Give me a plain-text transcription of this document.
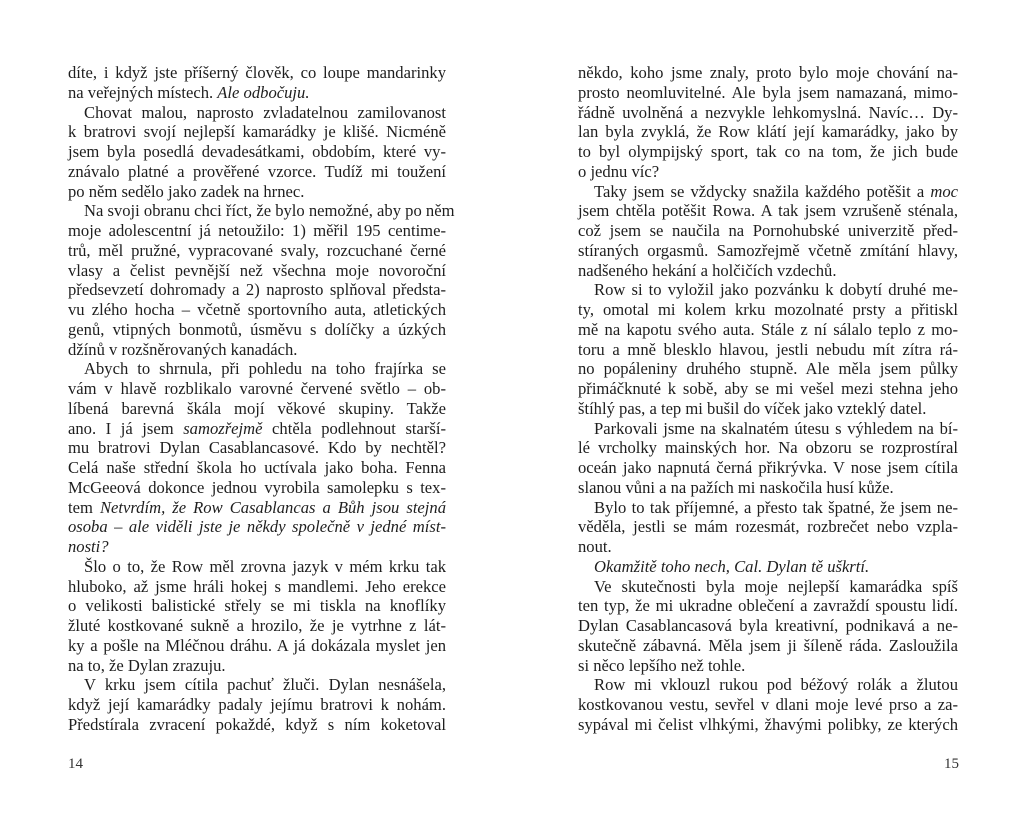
díte, i když jste příšerný člověk, co loupe mandarinky
na veřejných místech. Ale odbočuju.
Chovat malou, naprosto zvladatelnou zamilovanost
k bratrovi svojí nejlepší kamarádky je klišé. Nicméně
jsem byla posedlá devadesátkami, obdobím, které vy-
znávalo platné a prověřené vzorce. Tudíž mi toužení
po něm sedělo jako zadek na hrnec.
Na svoji obranu chci říct, že bylo nemožné, aby po něm
moje adolescentní já netoužilo: 1) měřil 195 centime-
trů, měl pružné, vypracované svaly, rozcuchané černé
vlasy a čelist pevnější než všechna moje novoroční
předsevzetí dohromady a 2) naprosto splňoval předsta-
vu zlého hocha – včetně sportovního auta, atletických
genů, vtipných bonmotů, úsměvu s dolíčky a úzkých
džínů v rozšněrovaných kanadách.
Abych to shrnula, při pohledu na toho frajírka se
vám v hlavě rozblikalo varovné červené světlo – ob-
líbená barevná škála mojí věkové skupiny. Takže
ano. I já jsem samozřejmě chtěla podlehnout starší-
mu bratrovi Dylan Casablancasové. Kdo by nechtěl?
Celá naše střední škola ho uctívala jako boha. Fenna
McGeeová dokonce jednou vyrobila samolepku s tex-
tem Netvrdím, že Row Casablancas a Bůh jsou stejná
osoba – ale viděli jste je někdy společně v jedné míst-
nosti?
Šlo o to, že Row měl zrovna jazyk v mém krku tak
hluboko, až jsme hráli hokej s mandlemi. Jeho erekce
o velikosti balistické střely se mi tiskla na knoflíky
žluté kostkované sukně a hrozilo, že je vytrhne z lát-
ky a pošle na Mléčnou dráhu. A já dokázala myslet jen
na to, že Dylan zrazuju.
V krku jsem cítila pachuť žluči. Dylan nesnášela,
když její kamarádky padaly jejímu bratrovi k nohám.
Předstírala zvracení pokaždé, když s ním koketoval
někdo, koho jsme znaly, proto bylo moje chování na-
prosto neomluvitelné. Ale byla jsem namazaná, mimo-
řádně uvolněná a nezvykle lehkomyslná. Navíc… Dy-
lan byla zvyklá, že Row klátí její kamarádky, jako by
to byl olympijský sport, tak co na tom, že jich bude
o jednu víc?
Taky jsem se vždycky snažila každého potěšit a moc
jsem chtěla potěšit Rowa. A tak jsem vzrušeně sténala,
což jsem se naučila na Pornohubské univerzitě před-
stíraných orgasmů. Samozřejmě včetně zmítání hlavy,
nadšeného hekání a holčičích vzdechů.
Row si to vyložil jako pozvánku k dobytí druhé me-
ty, omotal mi kolem krku mozolnaté prsty a přitiskl
mě na kapotu svého auta. Stále z ní sálalo teplo z mo-
toru a mně blesklo hlavou, jestli nebudu mít zítra rá-
no popáleniny druhého stupně. Ale měla jsem půlky
přimáčknuté k sobě, aby se mi vešel mezi stehna jeho
štíhlý pas, a tep mi bušil do víček jako vzteklý datel.
Parkovali jsme na skalnatém útesu s výhledem na bí-
lé vrcholky mainských hor. Na obzoru se rozprostíral
oceán jako napnutá černá přikrývka. V nose jsem cítila
slanou vůni a na pažích mi naskočila husí kůže.
Bylo to tak příjemné, a přesto tak špatné, že jsem ne-
věděla, jestli se mám rozesmát, rozbrečet nebo vzpla-
nout.
Okamžitě toho nech, Cal. Dylan tě uškrtí.
Ve skutečnosti byla moje nejlepší kamarádka spíš
ten typ, že mi ukradne oblečení a zavraždí spoustu lidí.
Dylan Casablancasová byla kreativní, podnikavá a ne-
skutečně zábavná. Měla jsem ji šíleně ráda. Zasloužila
si něco lepšího než tohle.
Row mi vklouzl rukou pod béžový rolák a žlutou
kostkovanou vestu, sevřel v dlani moje levé prso a za-
sypával mi čelist vlhkými, žhavými polibky, ze kterých
14	15
